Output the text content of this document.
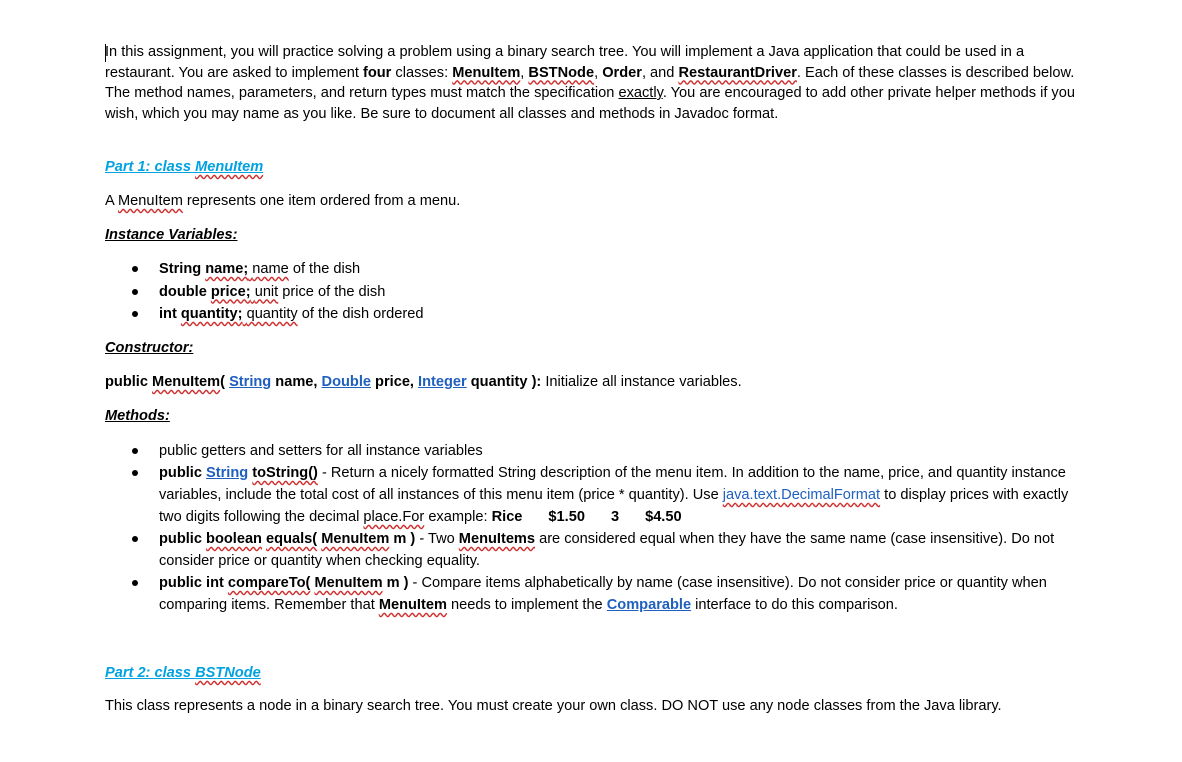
In this assignment, you will practice solving a problem using a binary search tree. You will implement a Java application that could be used in a restaurant. You are asked to implement four classes: MenuItem, BSTNode, Order, and RestaurantDriver. Each of these classes is described below. The method names, parameters, and return types must match the specification exactly. You are encouraged to add other private helper methods if you wish, which you may name as you like. Be sure to document all classes and methods in Javadoc format.

Part 1: class MenuItem

A MenuItem represents one item ordered from a menu.

Instance Variables:

String name; name of the dish
double price; unit price of the dish
int quantity; quantity of the dish ordered

Constructor:

public MenuItem( String name, Double price, Integer quantity ): Initialize all instance variables.

Methods:

public getters and setters for all instance variables
public String toString() - Return a nicely formatted String description of the menu item. In addition to the name, price, and quantity instance variables, include the total cost of all instances of this menu item (price * quantity). Use java.text.DecimalFormat to display prices with exactly two digits following the decimal place.For example: Rice $1.50 3 $4.50
public boolean equals( MenuItem m ) - Two MenuItems are considered equal when they have the same name (case insensitive). Do not consider price or quantity when checking equality.
public int compareTo( MenuItem m ) - Compare items alphabetically by name (case insensitive). Do not consider price or quantity when comparing items. Remember that MenuItem needs to implement the Comparable interface to do this comparison.

Part 2: class BSTNode

This class represents a node in a binary search tree. You must create your own class. DO NOT use any node classes from the Java library.
